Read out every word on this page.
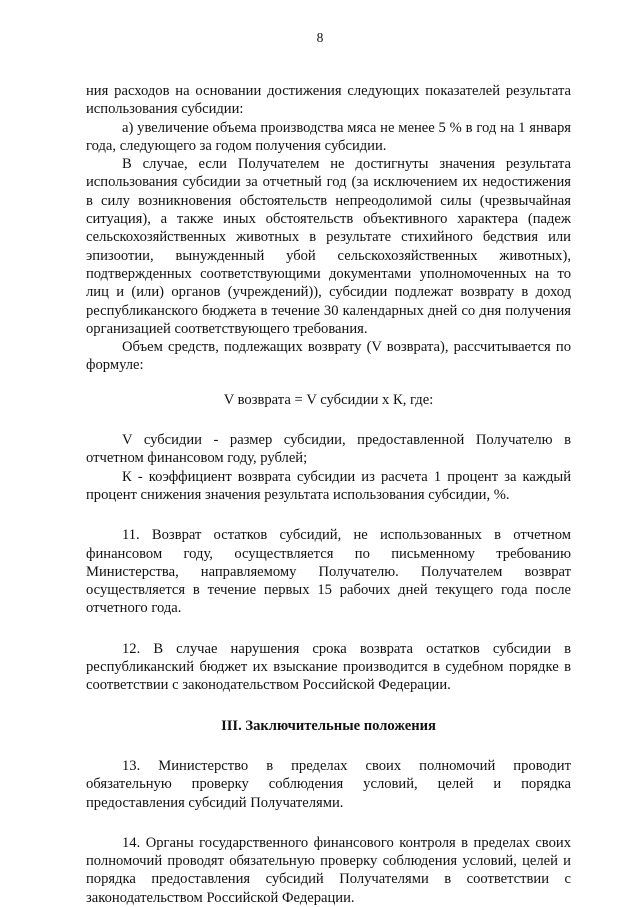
8

ния расходов на основании достижения следующих показателей результата использования субсидии:

а) увеличение объема производства мяса не менее 5 % в год на 1 января года, следующего за годом получения субсидии.

В случае, если Получателем не достигнуты значения результата использования субсидии за отчетный год (за исключением их недостижения в силу возникновения обстоятельств непреодолимой силы (чрезвычайная ситуация), а также иных обстоятельств объективного характера (падеж сельскохозяйственных животных в результате стихийного бедствия или эпизоотии, вынужденный убой сельскохозяйственных животных), подтвержденных соответствующими документами уполномоченных на то лиц и (или) органов (учреждений)), субсидии подлежат возврату в доход республиканского бюджета в течение 30 календарных дней со дня получения организацией соответствующего требования.

Объем средств, подлежащих возврату (V возврата), рассчитывается по формуле:

V возврата = V субсидии х К, где:

V субсидии - размер субсидии, предоставленной Получателю в отчетном финансовом году, рублей;

К - коэффициент возврата субсидии из расчета 1 процент за каждый процент снижения значения результата использования субсидии, %.

11. Возврат остатков субсидий, не использованных в отчетном финансовом году, осуществляется по письменному требованию Министерства, направляемому Получателю. Получателем возврат осуществляется в течение первых 15 рабочих дней текущего года после отчетного года.

12. В случае нарушения срока возврата остатков субсидии в республиканский бюджет их взыскание производится в судебном порядке в соответствии с законодательством Российской Федерации.

III. Заключительные положения

13. Министерство в пределах своих полномочий проводит обязательную проверку соблюдения условий, целей и порядка предоставления субсидий Получателями.

14. Органы государственного финансового контроля в пределах своих полномочий проводят обязательную проверку соблюдения условий, целей и порядка предоставления субсидий Получателями в соответствии с законодательством Российской Федерации.
